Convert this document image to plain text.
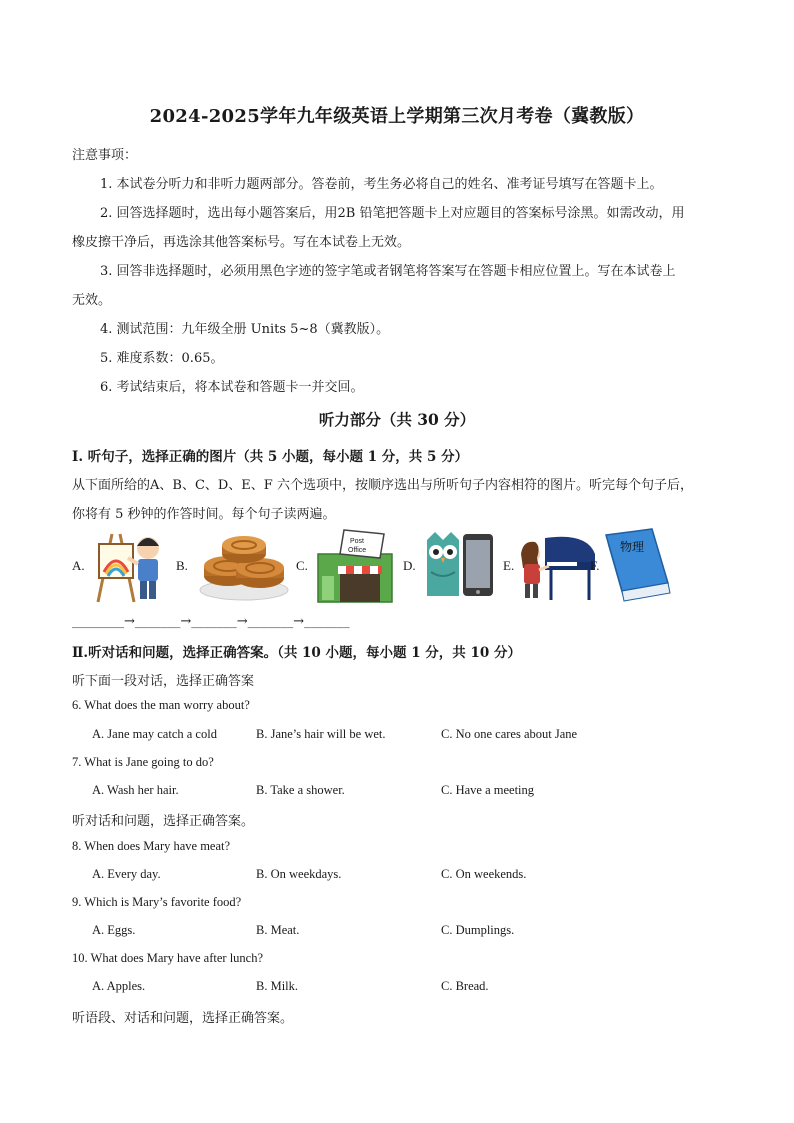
2024-2025学年九年级英语上学期第三次月考卷（冀教版）
注意事项：
1. 本试卷分听力和非听力题两部分。答卷前，考生务必将自己的姓名、准考证号填写在答题卡上。
2. 回答选择题时，选出每小题答案后，用2B 铅笔把答题卡上对应题目的答案标号涂黑。如需改动，用
橡皮擦干净后，再选涂其他答案标号。写在本试卷上无效。
3. 回答非选择题时，必须用黑色字迹的签字笔或者钢笔将答案写在答题卡相应位置上。写在本试卷上
无效。
4. 测试范围：九年级全册 Units 5~8（冀教版）。
5. 难度系数：0.65。
6. 考试结束后，将本试卷和答题卡一并交回。
听力部分（共 30 分）
Ⅰ. 听句子，选择正确的图片（共 5 小题，每小题 1 分，共 5 分）
从下面所给的A、B、C、D、E、F 六个选项中，按顺序选出与所听句子内容相符的图片。听完每个句子后，
你将有 5 秒钟的作答时间。每个句子读两遍。
A.	B.	C.
Post
Office
D.	E.	F.
物理
________→_______→_______→_______→_______
Ⅱ.听对话和问题，选择正确答案。（共 10 小题，每小题 1 分，共 10 分）
听下面一段对话，选择正确答案
6. What does the man worry about?
A. Jane may catch a cold	B. Jane’s hair will be wet.	C. No one cares about Jane
7. What is Jane going to do?
A. Wash her hair.	B. Take a shower.	C. Have a meeting
听对话和问题，选择正确答案。
8. When does Mary have meat?
A. Every day.	B. On weekdays.	C. On weekends.
9. Which is Mary’s favorite food?
A. Eggs.	B. Meat.	C. Dumplings.
10. What does Mary have after lunch?
A. Apples.	B. Milk.	C. Bread.
听语段、对话和问题，选择正确答案。
